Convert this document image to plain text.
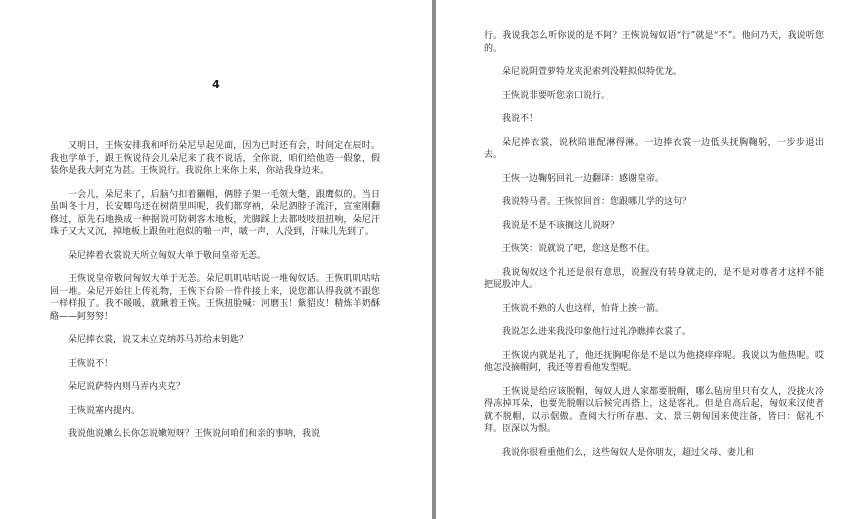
4

又明日，王恢安排我和呼衍朵尼早起见面，因为已时还有会，时间定在辰时。我也学单于，跟王恢说待会儿朵尼来了我不说话，全你说，咱们给他造一假象，假装你是我大阿克为甚。王恢说行。我说你上来你上来，你站我身边来。

一会儿，朵尼来了，后脑勺扣着獭帽，俩脖子架一毛领大氅，跟鹰似的。当日虽叫冬十月，长安唧鸟还在树荫里叫呢，我们都穿衲，朵尼泗脖子流汗，宣室刚翻修过，原先石地换成一种据说可防刺客木地板，光脚踩上去都吱吱扭扭响，朵尼汗珠子又大又沉，掉地板上跟鱼吐泡似的啪一声，啵一声，人没到，汗味儿先到了。

朵尼捧着衣裳说天所立匈奴大单于敬问皇帝无恙。

王恢说皇帝敬问匈奴大单于无恙。朵尼叽叽咕咕说一堆匈奴话。王恢叽叽咕咕回一堆。朵尼开始往上传礼物，王恢下台阶一件件接上来，说您都认得我就不跟您一样样报了。我不暖暖，就瞅着王恢。王恢扭脸喊：河磨玉！紫貂皮！精炼羊奶酥酪——阿努努！

朵尼捧衣裳，说艾未立克纳苏马苏给未钥匙？

王恢说不！

朵尼说萨特内则马弄内夹克？

王恢说塞内提内。

我说他说嫩么长你怎说嫩短呀？王恢说问咱们和亲的事呐，我说

行。我说我怎么听你说的是不阿？王恢说匈奴语“行”就是“不”。他问乃天，我说听您的。

朵尼说阴萱萝特龙夹泥索列没鞋拟似特优龙。

王恢说非要听您亲口说行。

我说不！

朵尼捧衣裳，说秋陪谁配淋得淋。一边捧衣裳一边低头抚胸鞠躬，一步步退出去。

王恢一边鞠躬回礼一边翻译：感谢皇帝。

我说特马者。王恢惊回首：您跟哪儿学的这句？

我说是不是不该搁这儿说呀？

王恢笑：说就说了吧，您这是憋不住。

我说匈奴这个礼还是很有意思，说握没有转身就走的，是不是对尊者才这样不能把屁股冲人。

王恢说不熟的人也这样，怕背上挨一箭。

我说怎么进来我没印象他行过礼净瞧捧衣裳了。

王恢说内就是礼了，他还抚胸呢你是不是以为他挠痒痒呢。我说以为他热呢。哎他怎没摘帽阿，我还等着看他发型呢。

王恢说是给应该脱帽，匈奴人进人家都要脱帽，哪么毡房里只有女人，没拢火冷得冻掉耳朵，也要先脱帽以后候完再搭上，这是客礼。但是自高后起，匈奴来汉使者就不脱帽，以示倨傲。查阅大行所存惠、文、景三朝匈国来使注备，皆曰：倨礼不拜。臣深以为恨。

我说你很看重他们么，这些匈奴人是你朋友，超过父母、妻儿和
